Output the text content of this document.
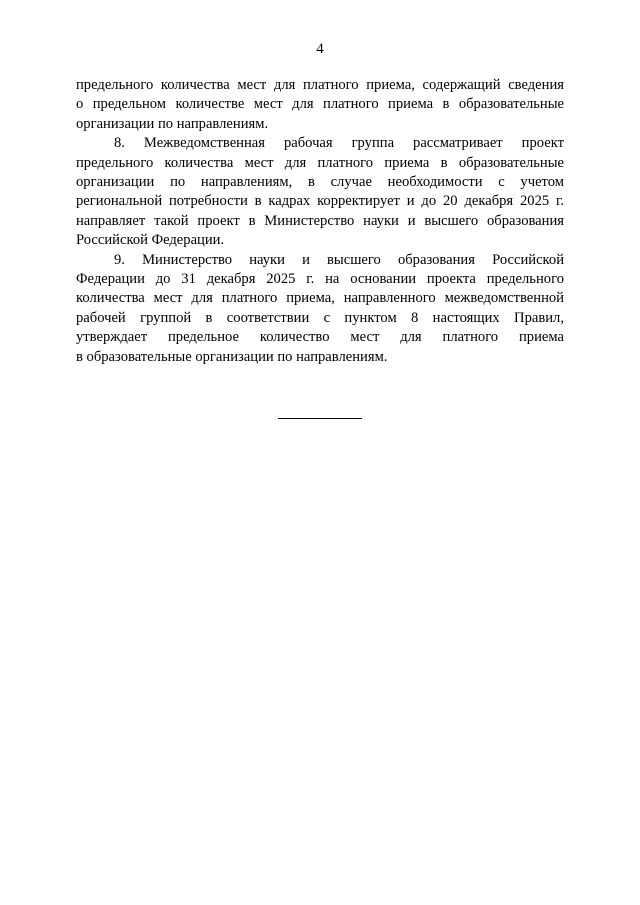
4

предельного количества мест для платного приема, содержащий сведения
о предельном количестве мест для платного приема в образовательные
организации по направлениям.

8. Межведомственная рабочая группа рассматривает проект
предельного количества мест для платного приема в образовательные
организации по направлениям, в случае необходимости с учетом
региональной потребности в кадрах корректирует и до 20 декабря 2025 г.
направляет такой проект в Министерство науки и высшего образования
Российской Федерации.

9. Министерство науки и высшего образования Российской
Федерации до 31 декабря 2025 г. на основании проекта предельного
количества мест для платного приема, направленного межведомственной
рабочей группой в соответствии с пунктом 8 настоящих Правил,
утверждает предельное количество мест для платного приема
в образовательные организации по направлениям.
